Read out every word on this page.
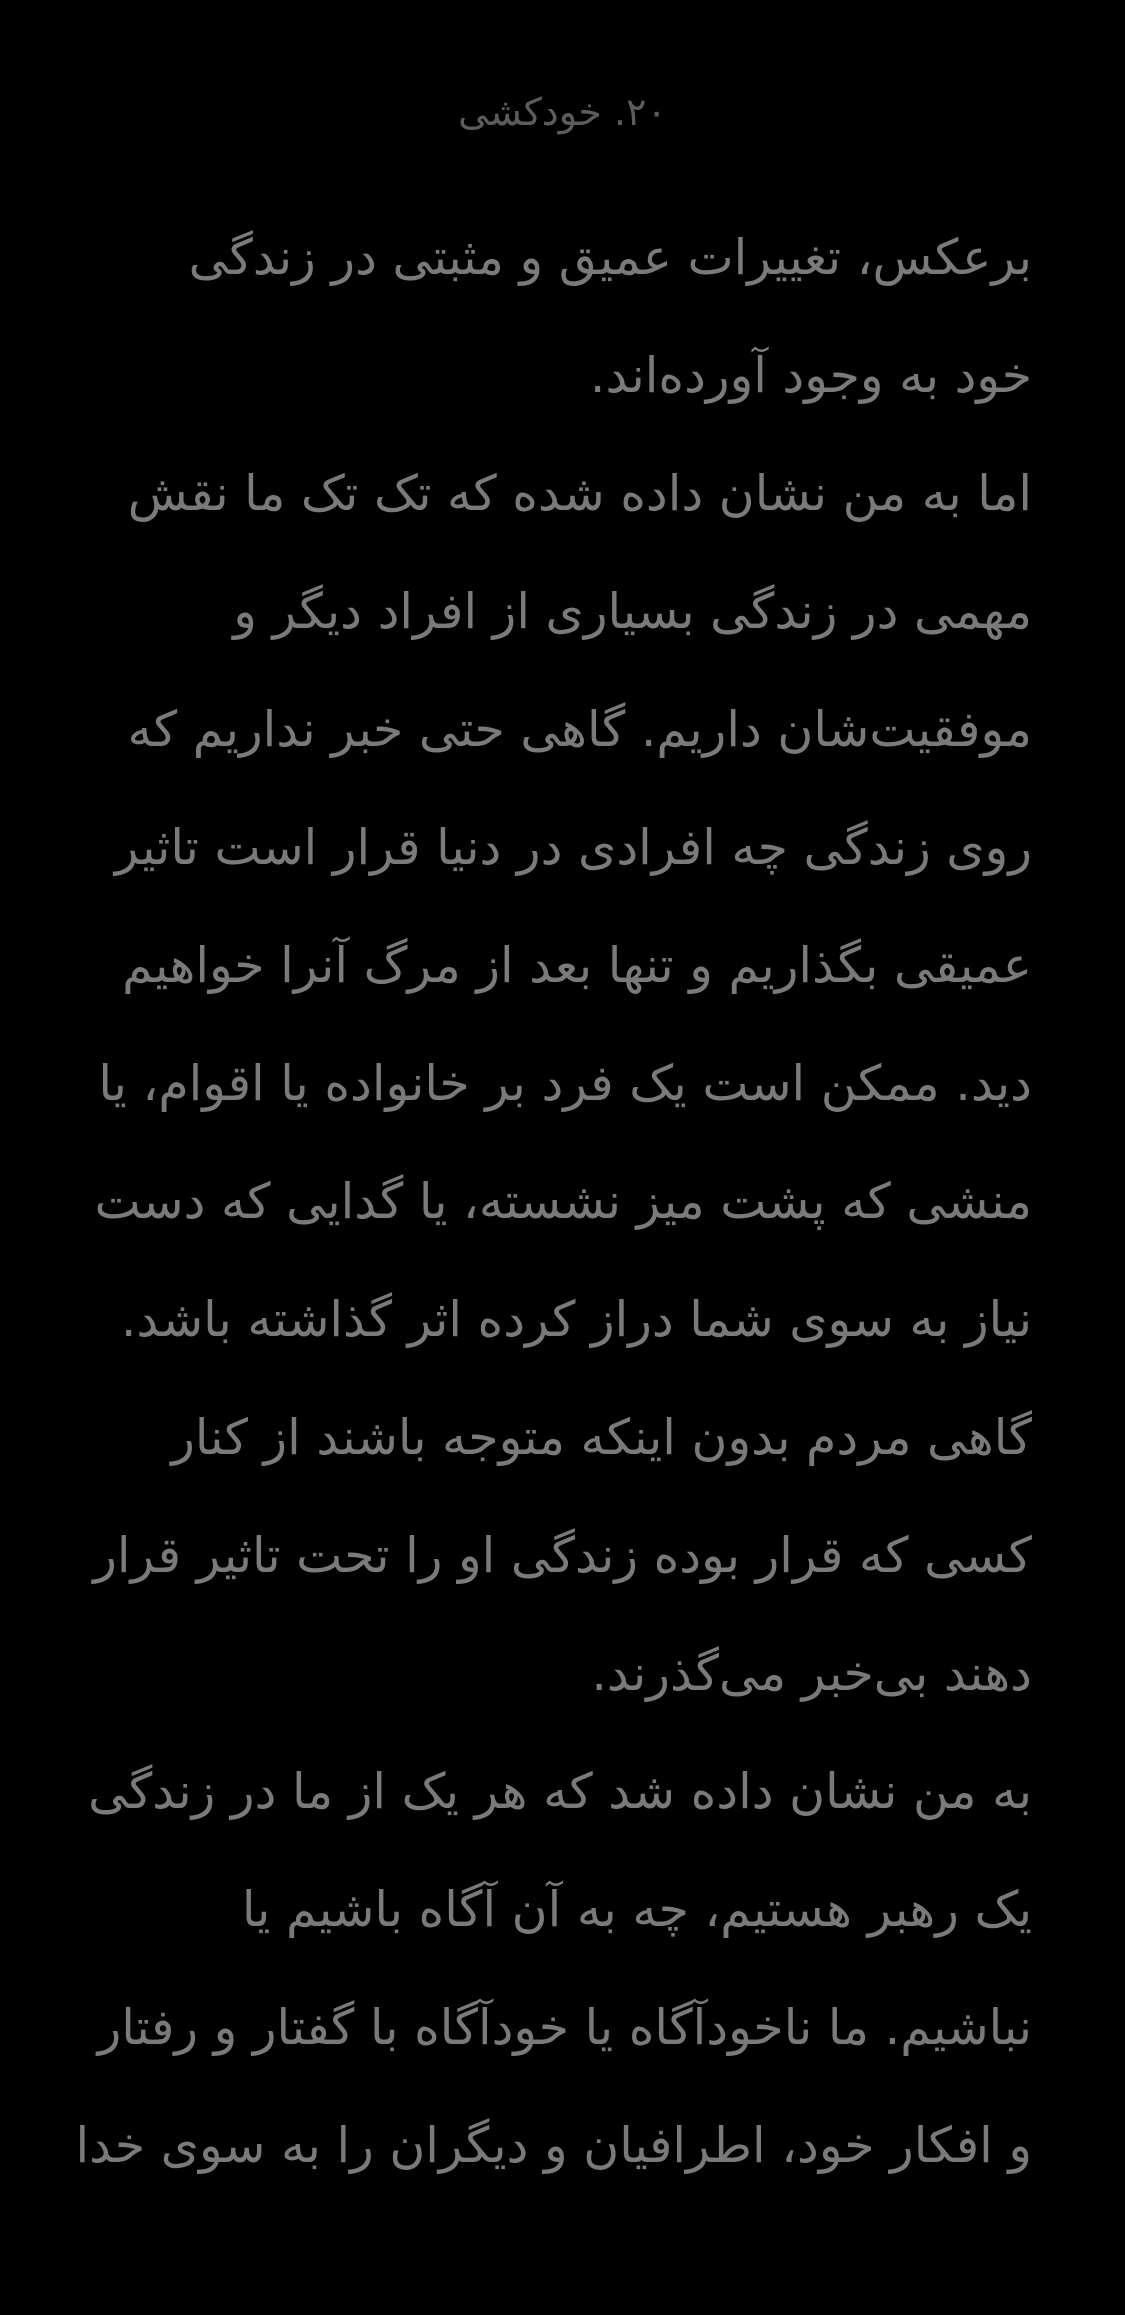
۲۰. خودکشی
برعکس، تغییرات عمیق و مثبتی در زندگی
خود به وجود آورده‌اند.
اما به من نشان داده شده که تک تک ما نقش
مهمی در زندگی بسیاری از افراد دیگر و
موفقیت‌شان داریم. گاهی حتی خبر نداریم که
روی زندگی چه افرادی در دنیا قرار است تاثیر
عمیقی بگذاریم و تنها بعد از مرگ آنرا خواهیم
دید. ممکن است یک فرد بر خانواده یا اقوام، یا
منشی که پشت میز نشسته، یا گدایی که دست
نیاز به سوی شما دراز کرده اثر گذاشته باشد.
گاهی مردم بدون اینکه متوجه باشند از کنار
کسی که قرار بوده زندگی او را تحت تاثیر قرار
دهند بی‌خبر می‌گذرند.
به من نشان داده شد که هر یک از ما در زندگی
یک رهبر هستیم، چه به آن آگاه باشیم یا
نباشیم. ما ناخودآگاه یا خودآگاه با گفتار و رفتار
و افکار خود، اطرافیان و دیگران را به سوی خدا
